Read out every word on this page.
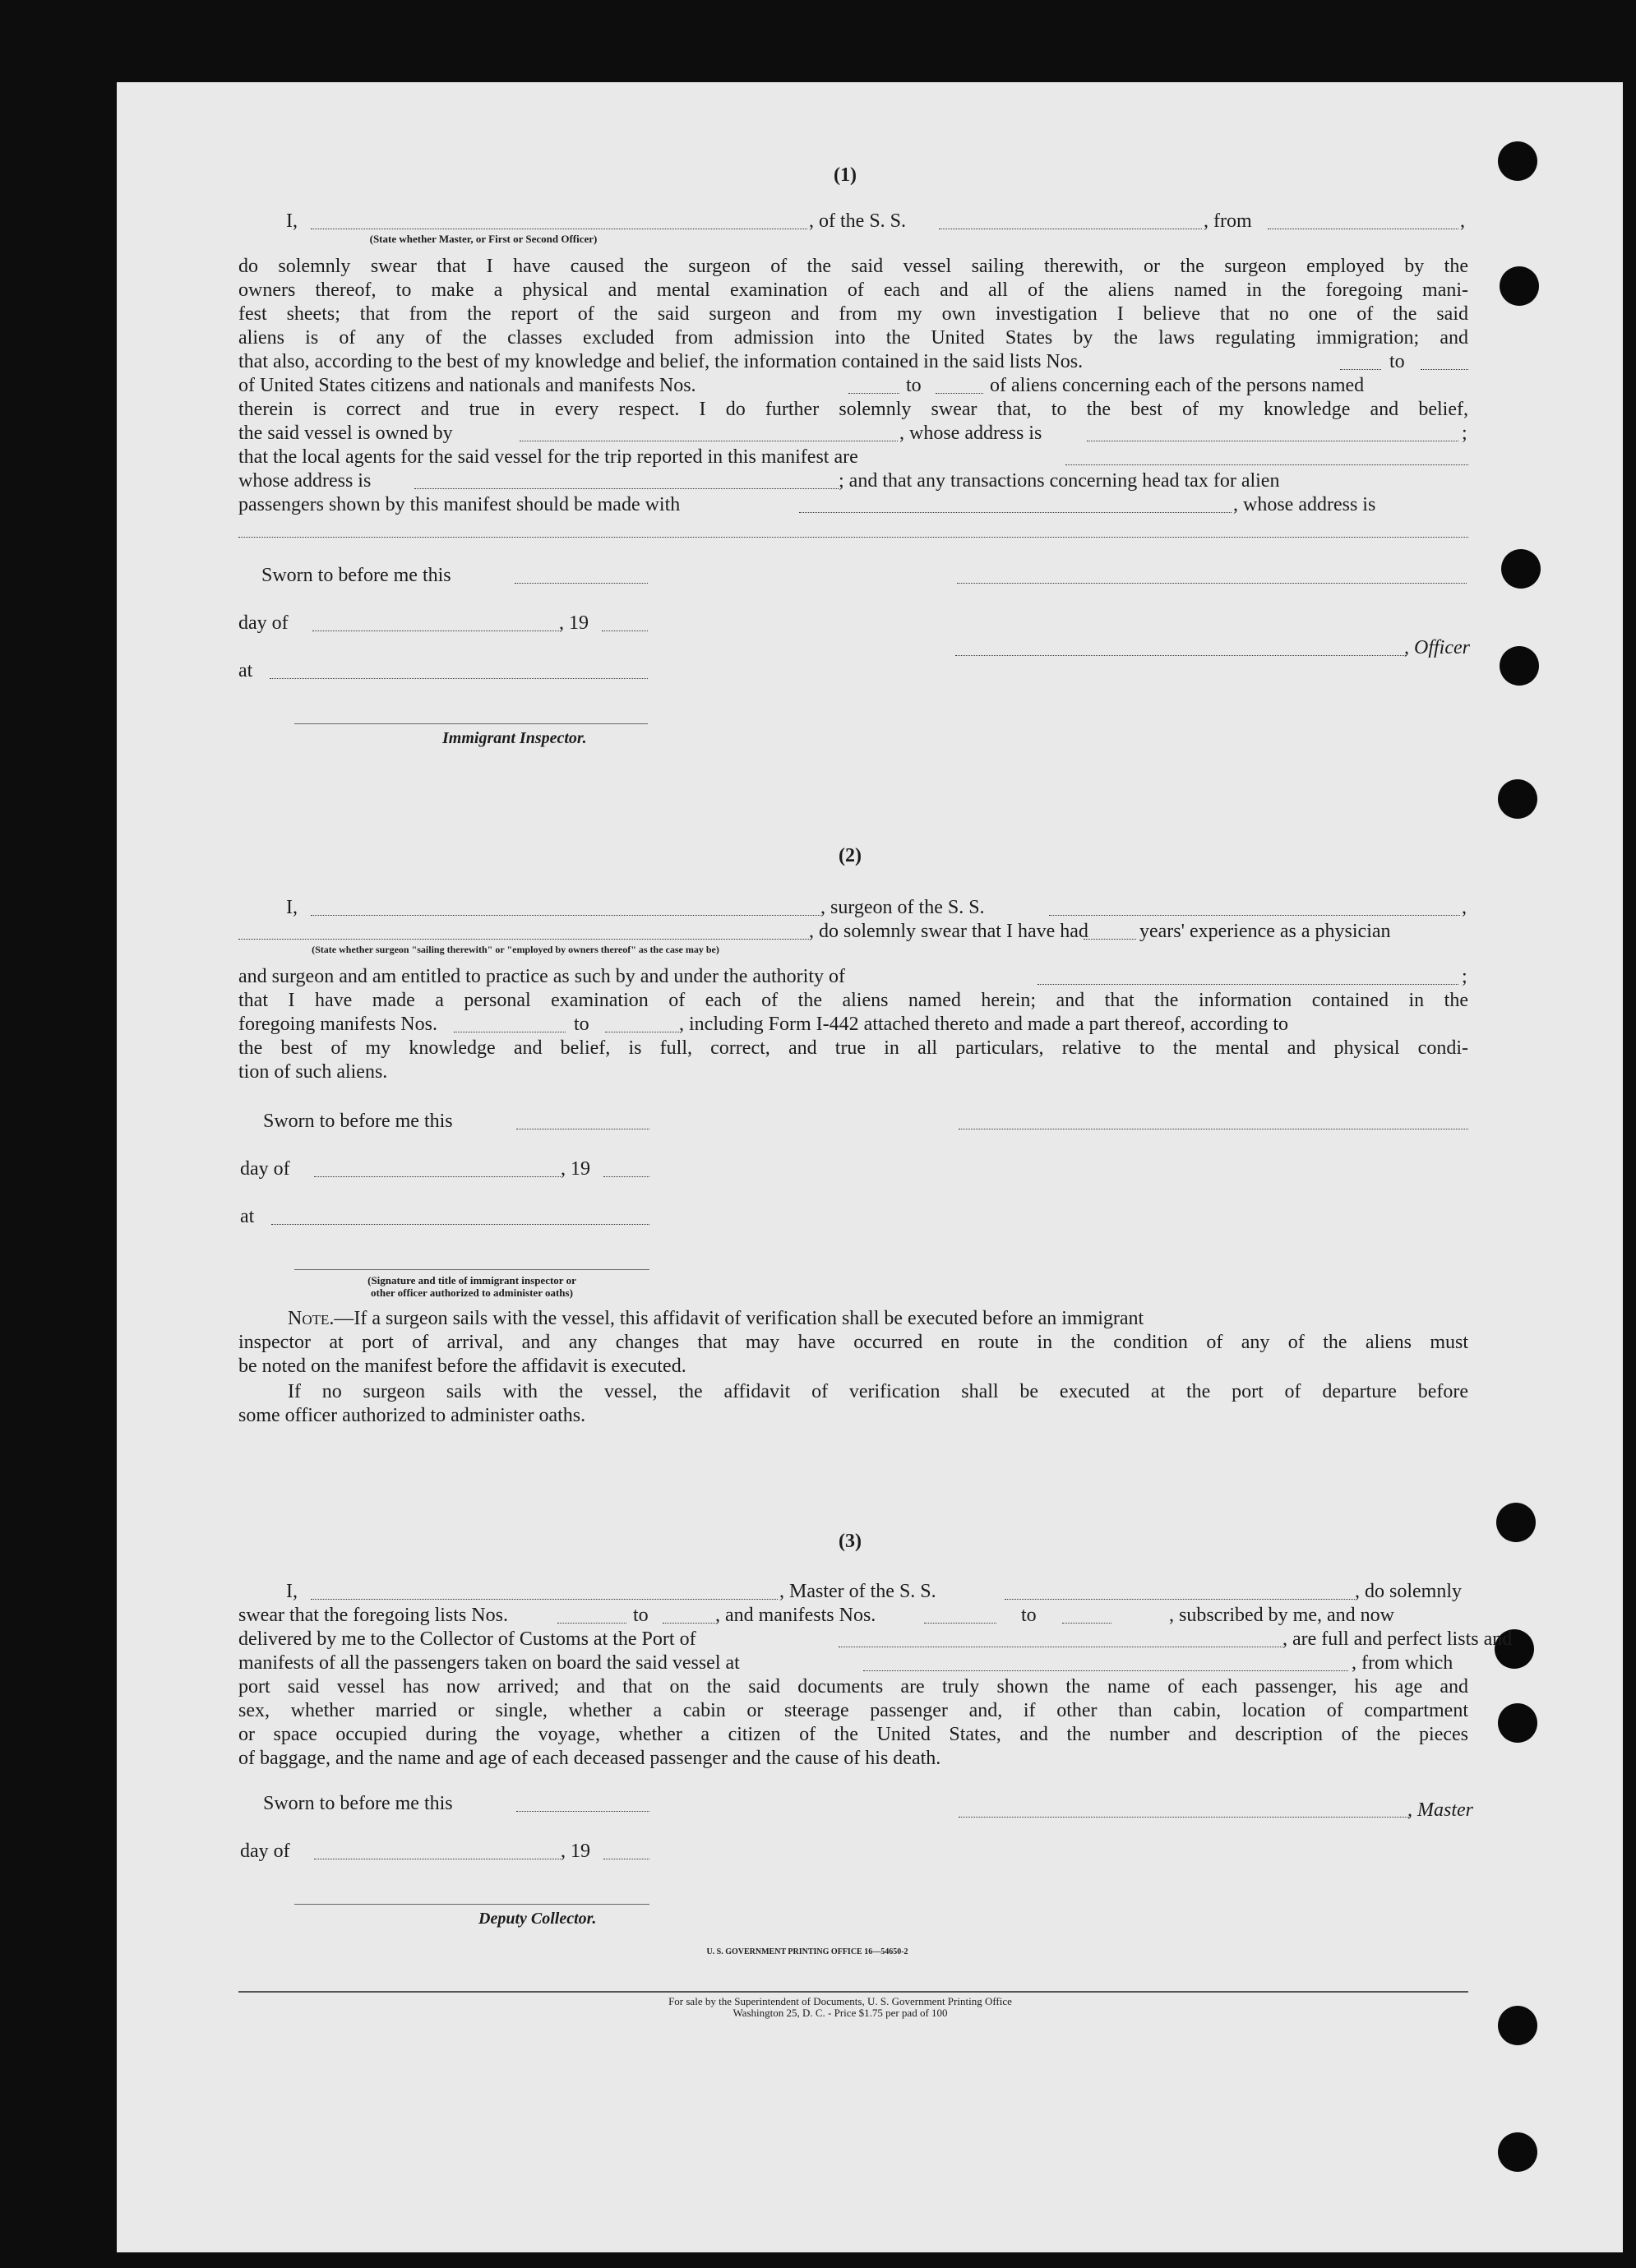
(1)
I,	, of the S. S.	, from	,
(State whether Master, or First or Second Officer)
do solemnly swear that I have caused the surgeon of the said vessel sailing therewith, or the surgeon employed by the
owners thereof, to make a physical and mental examination of each and all of the aliens named in the foregoing mani-
fest sheets; that from the report of the said surgeon and from my own investigation I believe that no one of the said
aliens is of any of the classes excluded from admission into the United States by the laws regulating immigration; and
that also, according to the best of my knowledge and belief, the information contained in the said lists Nos.	to
of United States citizens and nationals and manifests Nos.	to	of aliens concerning each of the persons named
therein is correct and true in every respect. I do further solemnly swear that, to the best of my knowledge and belief,
the said vessel is owned by	, whose address is	;
that the local agents for the said vessel for the trip reported in this manifest are
whose address is	; and that any transactions concerning head tax for alien
passengers shown by this manifest should be made with	, whose address is
Sworn to before me this
day of	, 19
, Officer
at
Immigrant Inspector.
(2)
I,	, surgeon of the S. S.	,
, do solemnly swear that I have had	years' experience as a physician
(State whether surgeon "sailing therewith" or "employed by owners thereof" as the case may be)
and surgeon and am entitled to practice as such by and under the authority of	;
that I have made a personal examination of each of the aliens named herein; and that the information contained in the
foregoing manifests Nos.	to	, including Form I-442 attached thereto and made a part thereof, according to
the best of my knowledge and belief, is full, correct, and true in all particulars, relative to the mental and physical condi-
tion of such aliens.
Sworn to before me this
day of	, 19
at
(Signature and title of immigrant inspector or
other officer authorized to administer oaths)
Note.—If a surgeon sails with the vessel, this affidavit of verification shall be executed before an immigrant
inspector at port of arrival, and any changes that may have occurred en route in the condition of any of the aliens must
be noted on the manifest before the affidavit is executed.
If no surgeon sails with the vessel, the affidavit of verification shall be executed at the port of departure before
some officer authorized to administer oaths.
(3)
I,	, Master of the S. S.	, do solemnly
swear that the foregoing lists Nos.	to	, and manifests Nos.	to	, subscribed by me, and now
delivered by me to the Collector of Customs at the Port of	, are full and perfect lists and
manifests of all the passengers taken on board the said vessel at	, from which
port said vessel has now arrived; and that on the said documents are truly shown the name of each passenger, his age and
sex, whether married or single, whether a cabin or steerage passenger and, if other than cabin, location of compartment
or space occupied during the voyage, whether a citizen of the United States, and the number and description of the pieces
of baggage, and the name and age of each deceased passenger and the cause of his death.
Sworn to before me this	, Master
day of	, 19
Deputy Collector.
U. S. GOVERNMENT PRINTING OFFICE 16—54650-2
For sale by the Superintendent of Documents, U. S. Government Printing Office
Washington 25, D. C. - Price $1.75 per pad of 100
